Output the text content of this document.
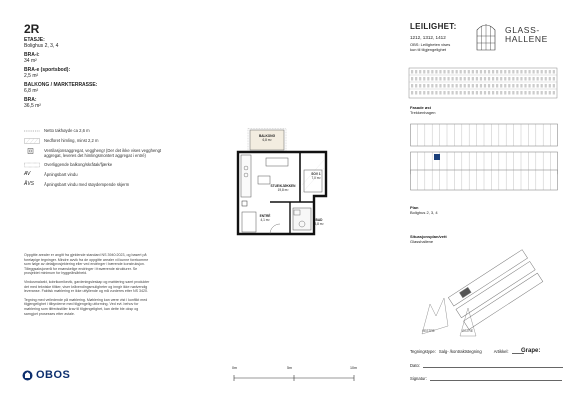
2R
ETASJE:
Bolighus 2, 3, 4
BRA-i:
34 m²
BRA-e (sportsbod):
2,5 m²
BALKONG / MARKTERRASSE:
6,8 m²
BRA:
36,5 m²
Netto takhøyde ca 2,6 m
Nedforet himling, minst 2,2 m
Ventilasjonsaggregat, veggheng! (Der det ikke vises vegghengt aggregat, leveres det himlingsmontert aggregat i entré)
Overliggende balkong/skråtak/fjærke
AV	Åpningsbart vindu
ÅVS	Åpningsbart vindu med støydempende skjerm

Oppgitte arealer er angitt fra gjeldende standard NS 3940:2023, og basert på foreløpige tegninger. Mindre avvik fra de oppgitte arealer vil kunne forekomme som følge av detaljprosjektering eller ved endringer i bærende konstruksjon. Tilleggsaksjonerå for enønskelige endringer i fraværende strukturer. Se prosjektet minimum for byggeårsårbeid.

Vindusmalarkt, kobrikomikevik, gardeningsleskap og møblering samt produkter det med tekniske tiltker, viser kråvendingsmuligheter og inngir ikke nødvendig leveranse. Faktisk møblering er ikke utfyllende og må vurderes etter NS 3420.

Tegning med veiledende på møblering. Møblering kan være vist i konflikt med tilgjengelighet i tilbyrderne med tilgjengelig utforming. Ved evt. behov for møblering som tilfredsstiller krav til tilgjengelighet, kan dette ble oksp og samgjort prosesses etter avtale.

OBOS
BALKONG
6,8 m²
SOV 1
7,0 m²
STUE/KJØKKEN
19,8 m²
ENTRÉ
4,1 m²	BAD
3,8 m²
0m	5m	10m
LEILIGHET:
1212, 1312, 1412
OBS: Leiligheten vises
kun til tilgjengelighet
GLASS-
HALLENE
Fasade øst
Trekkenhagen
Plan
Bolighus 2, 3, 4
Situasjonsplan/vett
Glasshallene
VESTRE	ØSTRE
Tegningstype: Salg- /kontraktstegning	Artikkel: Grape:
Dato:
Signatur:
